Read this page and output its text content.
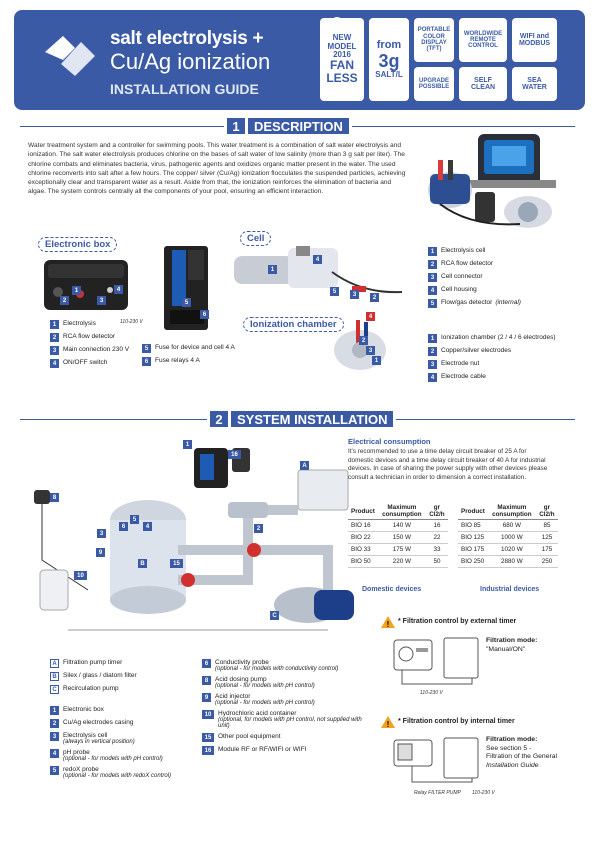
salt electrolysis +
Cu/Ag ionization
INSTALLATION GUIDE
NEW
MODEL
2016
FAN
LESS
from
3g
SALT/L
PORTABLE
COLOR
DISPLAY
(TFT)
WORLDWIDE
REMOTE
CONTROL
WIFI and
MODBUS
UPGRADE
POSSIBLE
SELF
CLEAN
SEA
WATER
1	DESCRIPTION
Water treatment system and a controller for swimming pools. This water treatment is a combination of salt water electrolysis and ionization. The salt water electrolysis produces chlorine on the bases of salt water of low salinity (more than 3 g salt per liter). The chlorine combats and eliminates bacteria, virus, pathogenic agents and oxidizes organic matter present in the water. The used chlorine reconverts into salt after a few hours. The copper/ silver (Cu/Ag) ionization flocculates the suspended particles, achieving exceptionally clear and transparent water as a result. Aside from that, the ionization reinforces the elimination of bacteria and algae. The system controls centrally all the components of your pool, ensuring an efficient interaction.
Electronic box
2	3
1	4
110-230 V
5
6
1	Electrolysis
2	RCA flow detector
3	Main connection 230 V
4	ON/OFF switch
5	Fuse for device and cell 4 A
6	Fuse relays 4 A
Cell
1
4
5	3	2
1	Electrolysis cell
2	RCA flow detector
3	Cell connector
4	Cell housing
5	Flow/gas detector (internal)
Ionization chamber
4
2
3
1
1	Ionization chamber (2 / 4 / 6 electrodes)
2	Copper/silver electrodes
3	Electrode nut
4	Electrode cable
2	SYSTEM INSTALLATION
1
16
A
8
3
6
5
4
9
B	15
2
10
C
Electrical consumption
It's recommended to use a time delay circuit breaker of 25 A for domestic devices and a time delay circuit breaker of 40 A for industrial devices. In case of sharing the power supply with other devices please consult a technician in order to dimension a correct installation.
Product	Maximum consumption	gr Cl2/h
BIO 16	140 W	16
BIO 22	150 W	22
BIO 33	175 W	33
BIO 50	220 W	50
Domestic devices
Product	Maximum consumption	gr Cl2/h
BIO 85	680 W	85
BIO 125	1000 W	125
BIO 175	1020 W	175
BIO 250	2880 W	250
Industrial devices
! * Filtration control by external timer
110-230 V
Filtration mode:
"Manual/ON"
! * Filtration control by internal timer
Relay FILTER PUMP 110-230 V
Filtration mode:
See section 5 -
Filtration of the General
Installation Guide
A Filtration pump timer
B Silex / glass / diatom filter
C Recirculation pump
1	Electronic box
2	Cu/Ag electrodes casing
3	Electrolysis cell
(always in vertical position)
4	pH probe
(optional - for models with pH control)
5	redoX probe
(optional - for models with redoX control)
6	Conductivity probe
(optional - for models with conductivity control)
8	Acid dosing pump
(optional - for models with pH control)
9	Acid injector
(optional - for models with pH control)
10	Hydrochloric acid container
(optional, for models with pH control, not supplied with unit)
15	Other pool equipment
16	Module RF or RF/WIFI or WIFI
